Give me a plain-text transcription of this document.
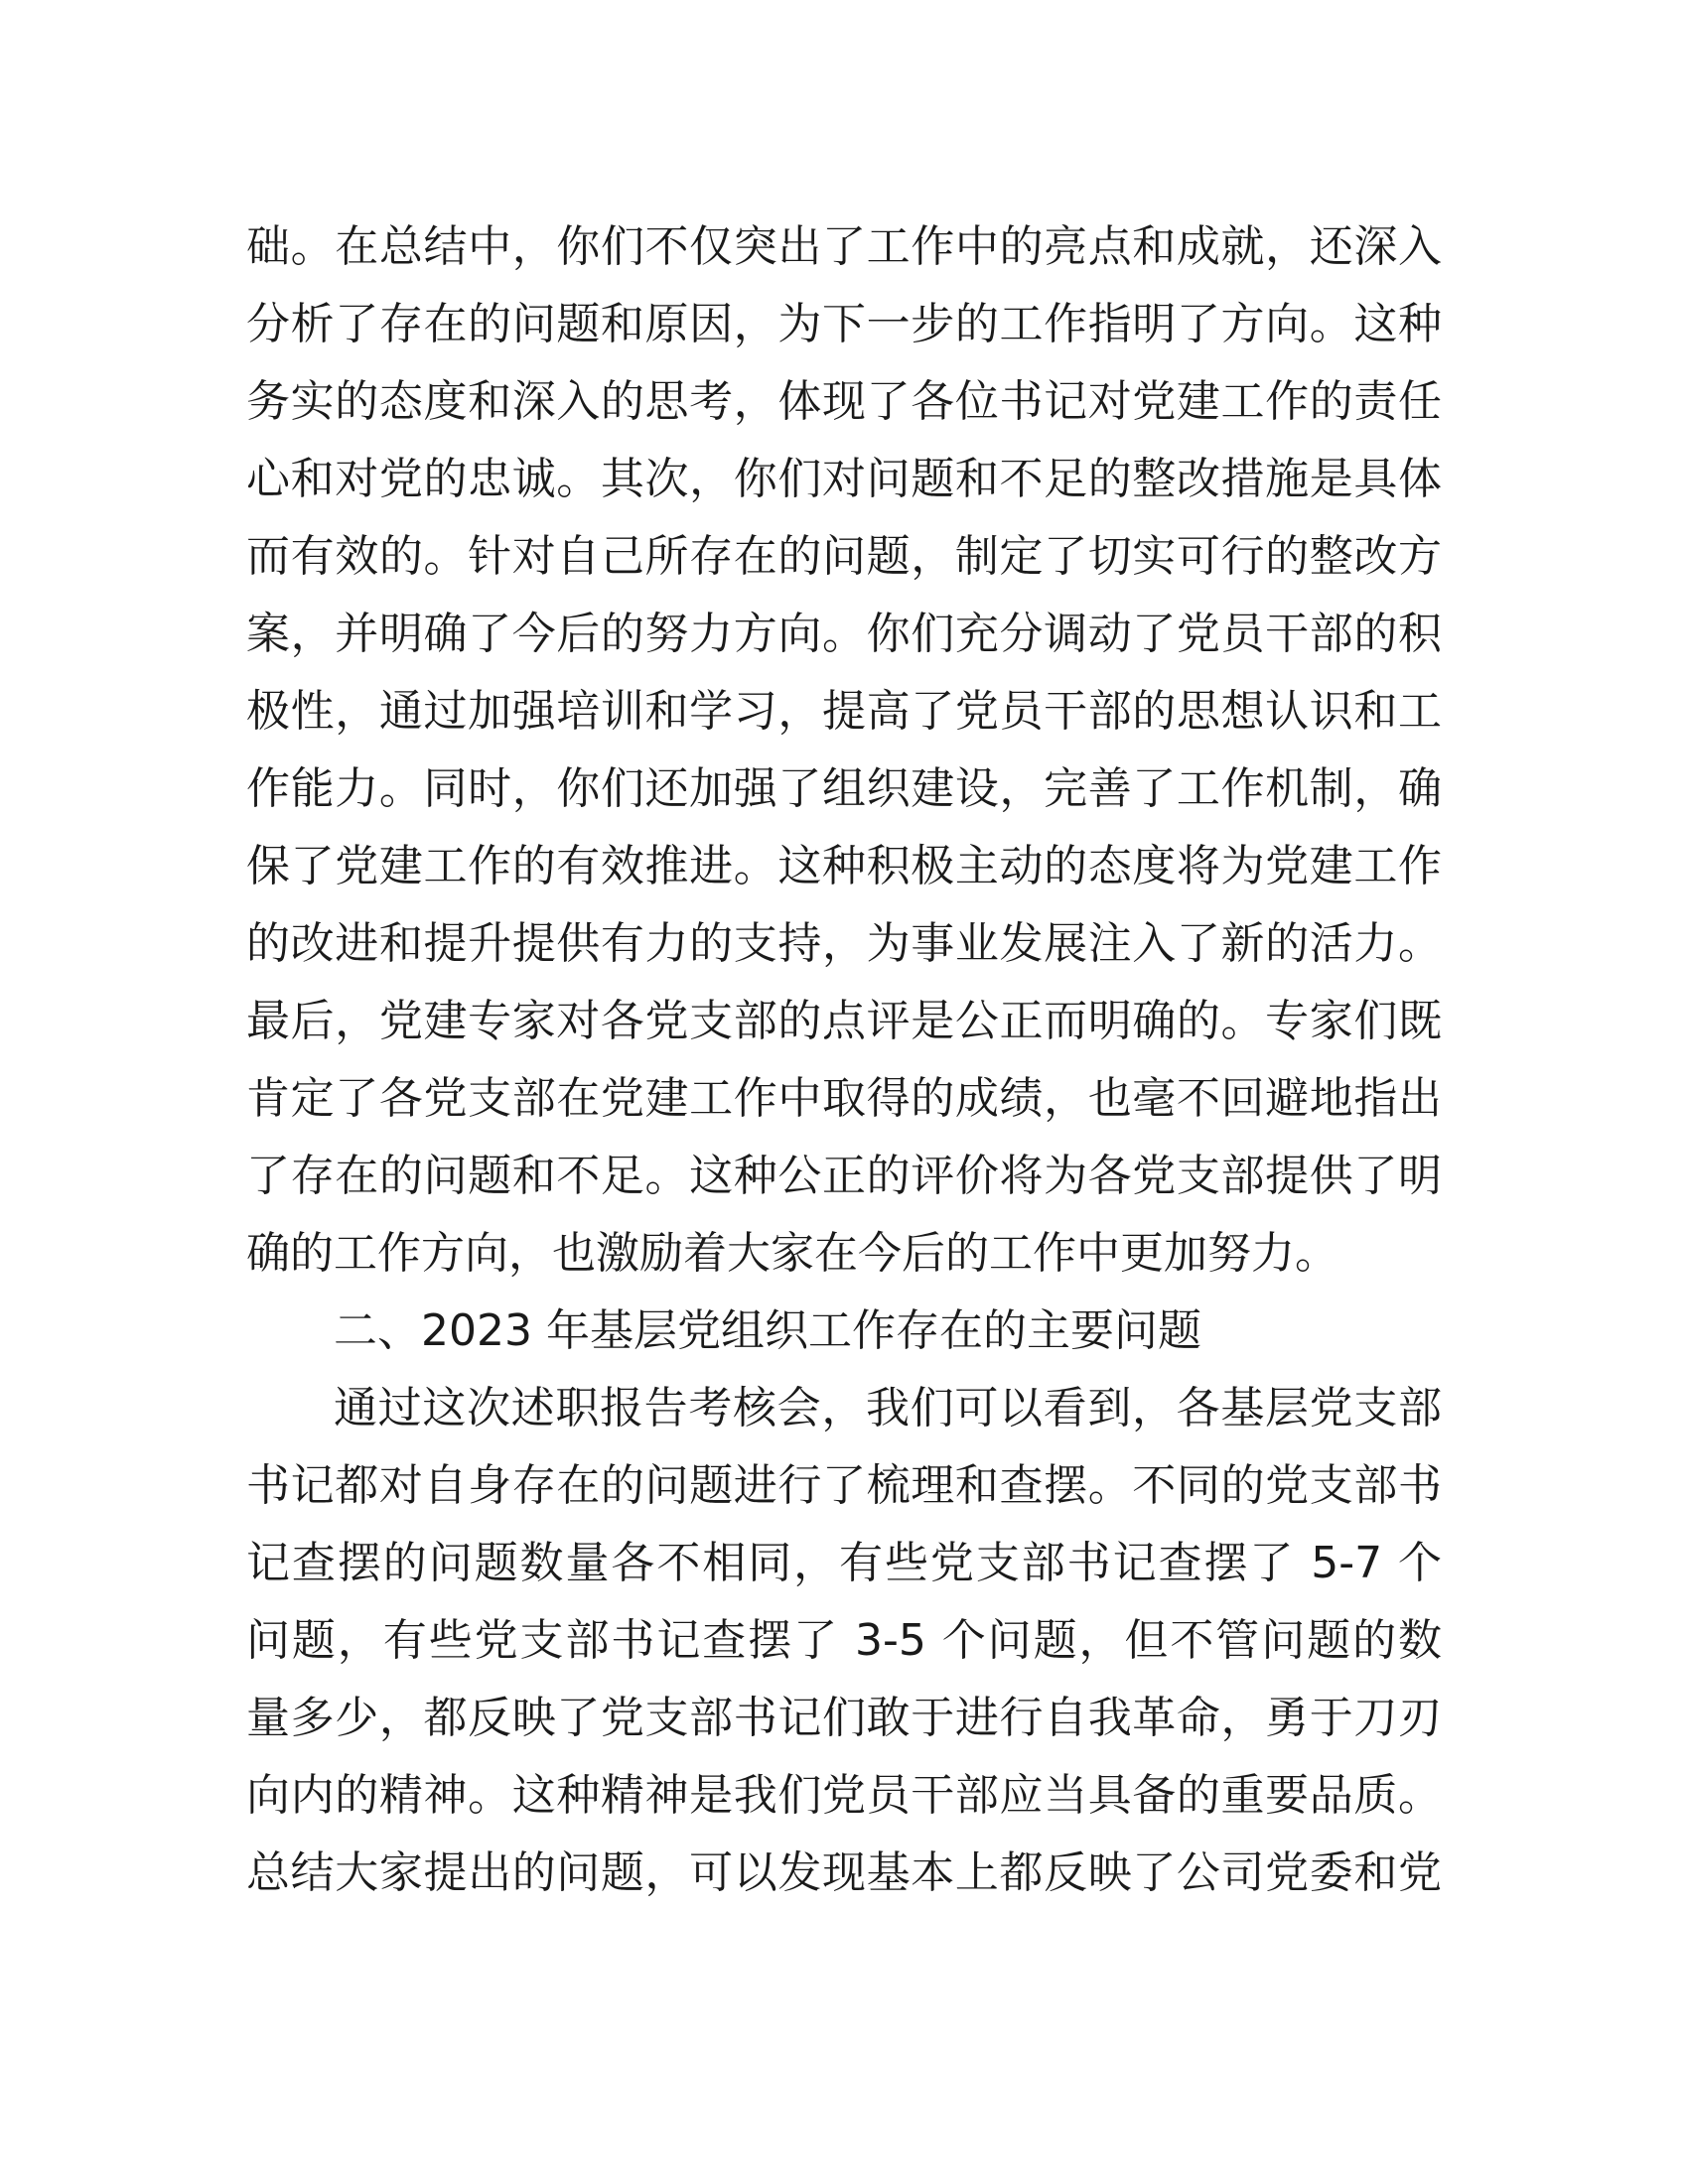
础。在总结中，你们不仅突出了工作中的亮点和成就，还深入
分析了存在的问题和原因，为下一步的工作指明了方向。这种
务实的态度和深入的思考，体现了各位书记对党建工作的责任
心和对党的忠诚。其次，你们对问题和不足的整改措施是具体
而有效的。针对自己所存在的问题，制定了切实可行的整改方
案，并明确了今后的努力方向。你们充分调动了党员干部的积
极性，通过加强培训和学习，提高了党员干部的思想认识和工
作能力。同时，你们还加强了组织建设，完善了工作机制，确
保了党建工作的有效推进。这种积极主动的态度将为党建工作
的改进和提升提供有力的支持，为事业发展注入了新的活力。
最后，党建专家对各党支部的点评是公正而明确的。专家们既
肯定了各党支部在党建工作中取得的成绩，也毫不回避地指出
了存在的问题和不足。这种公正的评价将为各党支部提供了明
确的工作方向，也激励着大家在今后的工作中更加努力。
二、2023 年基层党组织工作存在的主要问题
通过这次述职报告考核会，我们可以看到，各基层党支部
书记都对自身存在的问题进行了梳理和查摆。不同的党支部书
记查摆的问题数量各不相同，有些党支部书记查摆了 5-7 个
问题，有些党支部书记查摆了 3-5 个问题，但不管问题的数
量多少，都反映了党支部书记们敢于进行自我革命，勇于刀刃
向内的精神。这种精神是我们党员干部应当具备的重要品质。
总结大家提出的问题，可以发现基本上都反映了公司党委和党
